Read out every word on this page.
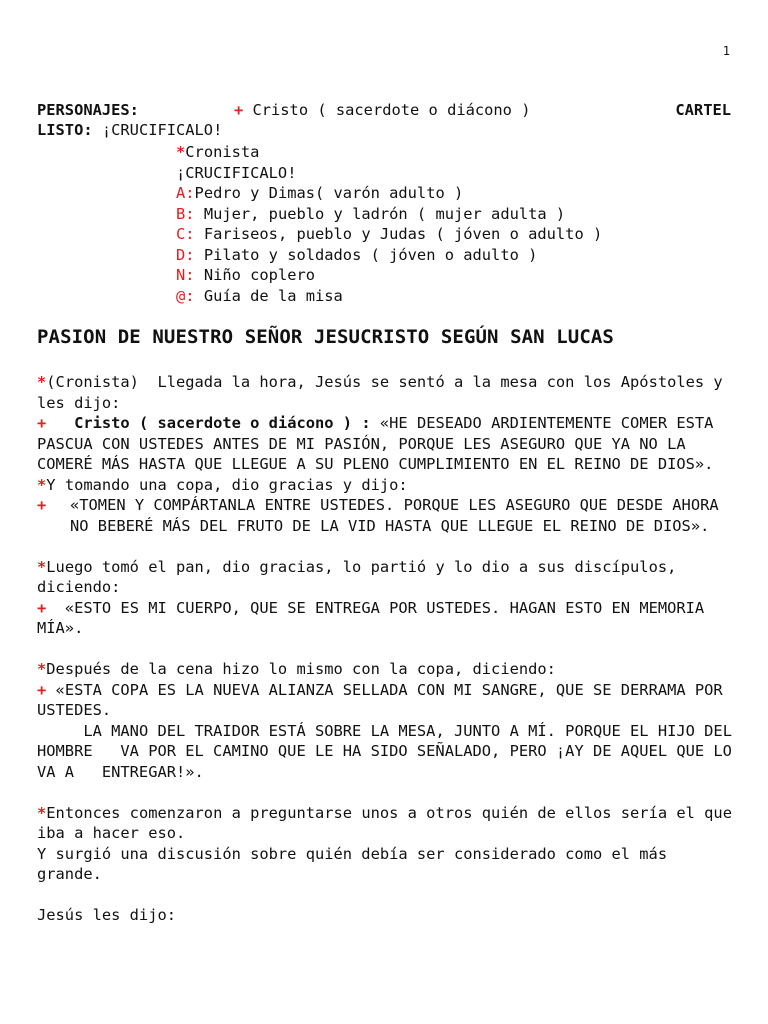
1
PERSONAJES:	+ Cristo ( sacerdote o diácono )	CARTEL
LISTO: ¡CRUCIFICALO!
*Cronista
¡CRUCIFICALO!
A:Pedro y Dimas( varón adulto )
B: Mujer, pueblo y ladrón ( mujer adulta )
C: Fariseos, pueblo y Judas ( jóven o adulto )
D: Pilato y soldados ( jóven o adulto )
N: Niño coplero
@: Guía de la misa
PASION DE NUESTRO SEÑOR JESUCRISTO SEGÚN SAN LUCAS

*(Cronista)  Llegada la hora, Jesús se sentó a la mesa con los Apóstoles y les dijo:

+ Cristo ( sacerdote o diácono ) : «HE DESEADO ARDIENTEMENTE COMER ESTA PASCUA CON USTEDES ANTES DE MI PASIÓN, PORQUE LES ASEGURO QUE YA NO LA COMERÉ MÁS HASTA QUE LLEGUE A SU PLENO CUMPLIMIENTO EN EL REINO DE DIOS».

*Y tomando una copa, dio gracias y dijo:

+	«TOMEN Y COMPÁRTANLA ENTRE USTEDES. PORQUE LES ASEGURO QUE DESDE AHORA NO BEBERÉ MÁS DEL FRUTO DE LA VID HASTA QUE LLEGUE EL REINO DE DIOS».

*Luego tomó el pan, dio gracias, lo partió y lo dio a sus discípulos, diciendo:

+ «ESTO ES MI CUERPO, QUE SE ENTREGA POR USTEDES. HAGAN ESTO EN MEMORIA MÍA».

*Después de la cena hizo lo mismo con la copa, diciendo:

+ «ESTA COPA ES LA NUEVA ALIANZA SELLADA CON MI SANGRE, QUE SE DERRAMA POR USTEDES.

LA MANO DEL TRAIDOR ESTÁ SOBRE LA MESA, JUNTO A MÍ. PORQUE EL HIJO DEL HOMBRE   VA POR EL CAMINO QUE LE HA SIDO SEÑALADO, PERO ¡AY DE AQUEL QUE LO VA A   ENTREGAR!».

*Entonces comenzaron a preguntarse unos a otros quién de ellos sería el que iba a hacer eso.

Y surgió una discusión sobre quién debía ser considerado como el más grande.

Jesús les dijo:
